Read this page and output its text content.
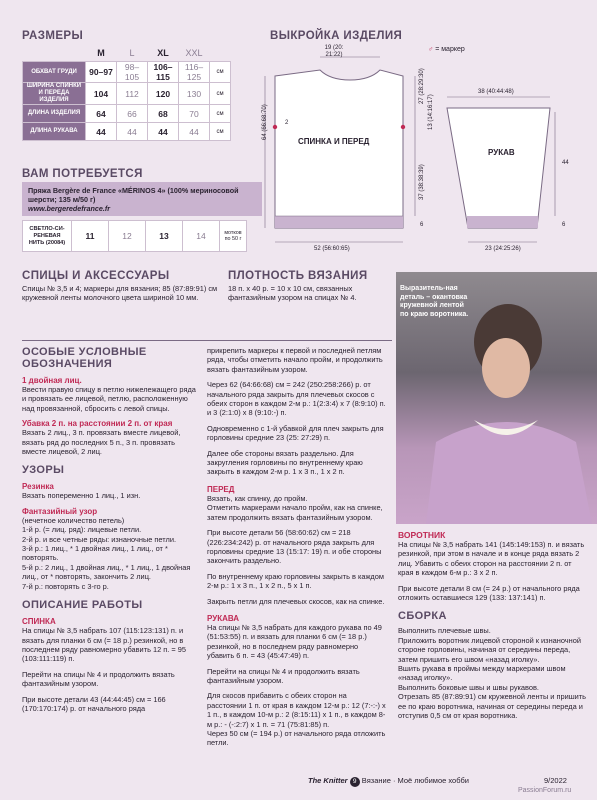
РАЗМЕРЫ
	M	L	XL	XXL	
ОБХВАТ ГРУДИ	90–97	98–105	106–115	116–125	см
ШИРИНА СПИНКИ И ПЕРЕДА ИЗДЕЛИЯ	104	112	120	130	см
ДЛИНА ИЗДЕЛИЯ	64	66	68	70	см
ДЛИНА РУКАВА	44	44	44	44	см
ВЫКРОЙКА ИЗДЕЛИЯ
♂ = маркер
19 (20: 21:22)
64 (66:68:70)
27 (28:29:30)
37 (38:38:39)
6
2
52 (56:60:65)
СПИНКА И ПЕРЕД
РУКАВ
38 (40:44:48)
13 (14:16:17)
44
6
23 (24:25:26)
ВАМ ПОТРЕБУЕТСЯ
Пряжа Bergère de France «MÉRINOS 4» (100% мериносовой шерсти; 135 м/50 г)
www.bergeredefrance.fr
СВЕТЛО-СИ-РЕНЕВАЯ НИТЬ (20084)	11	12	13	14	мотков по 50 г
СПИЦЫ И АКСЕССУАРЫ
Спицы № 3,5 и 4; маркеры для вязания; 85 (87:89:91) см кружевной ленты молочного цвета шириной 10 мм.
ПЛОТНОСТЬ ВЯЗАНИЯ
18 п. х 40 р. = 10 х 10 см, связанных фантазийным узором на спицах № 4.
Выразитель-ная деталь – окантовка кружевной лентой по краю воротника.
ОСОБЫЕ УСЛОВНЫЕ ОБОЗНАЧЕНИЯ
1 двойная лиц.
Ввести правую спицу в петлю нижележащего ряда и провязать ее лицевой, петлю, расположенную над провязанной, сбросить с левой спицы.
Убавка 2 п. на расстоянии 2 п. от края
Вязать 2 лиц., 3 п. провязать вместе лицевой, вязать ряд до последних 5 п., 3 п. провязать вместе лицевой, 2 лиц.
УЗОРЫ
Резинка
Вязать попеременно 1 лиц., 1 изн.
Фантазийный узор
(нечетное количество петель)
1-й р. (= лиц. ряд): лицевые петли.
2-й р. и все четные ряды: изнаночные петли.
3-й р.: 1 лиц., * 1 двойная лиц., 1 лиц., от * повторять.
5-й р.: 2 лиц., 1 двойная лиц., * 1 лиц., 1 двойная лиц., от * повторять, закончить 2 лиц.
7-й р.: повторять с 3-го р.
ОПИСАНИЕ РАБОТЫ
СПИНКА
На спицы № 3,5 набрать 107 (115:123:131) п. и вязать для планки 6 см (= 18 р.) резинкой, но в последнем ряду равномерно убавить 12 п. = 95 (103:111:119) п.
Перейти на спицы № 4 и продолжить вязать фантазийным узором.
При высоте детали 43 (44:44:45) см = 166 (170:170:174) р. от начального ряда
прикрепить маркеры к первой и последней петлям ряда, чтобы отметить начало пройм, и продолжить вязать фантазийным узором.
Через 62 (64:66:68) см = 242 (250:258:266) р. от начального ряда закрыть для плечевых скосов с обеих сторон в каждом 2-м р.: 1(2:3:4) х 7 (8:9:10) п. и 3 (2:1:0) х 8 (9:10:-) п.
Одновременно с 1-й убавкой для плеч закрыть для горловины средние 23 (25: 27:29) п.
Далее обе стороны вязать раздельно. Для закругления горловины по внутреннему краю закрыть в каждом 2-м р. 1 х 3 п., 1 х 2 п.
ПЕРЕД
Вязать, как спинку, до пройм.
Отметить маркерами начало пройм, как на спинке, затем продолжить вязать фантазийным узором.
При высоте детали 56 (58:60:62) см = 218 (226:234:242) р. от начального ряда закрыть для горловины средние 13 (15:17: 19) п. и обе стороны закончить раздельно.
По внутреннему краю горловины закрыть в каждом 2-м р.: 1 х 3 п., 1 х 2 п., 5 х 1 п.
Закрыть петли для плечевых скосов, как на спинке.
РУКАВА
На спицы № 3,5 набрать для каждого рукава по 49 (51:53:55) п. и вязать для планки 6 см (= 18 р.) резинкой, но в последнем ряду равномерно убавить 6 п. = 43 (45:47:49) п.
Перейти на спицы № 4 и продолжить вязать фантазийным узором.
Для скосов прибавить с обеих сторон на расстоянии 1 п. от края в каждом 12-м р.: 12 (7:-:-) х 1 п., в каждом 10-м р.: 2 (8:15:11) х 1 п., в каждом 8-м р.: - (-:2:7) х 1 п. = 71 (75:81:85) п.
Через 50 см (= 194 р.) от начального ряда отложить петли.
ВОРОТНИК
На спицы № 3,5 набрать 141 (145:149:153) п. и вязать резинкой, при этом в начале и в конце ряда вязать 2 лиц. Убавить с обеих сторон на расстоянии 2 п. от края в каждом 6-м р.: 3 х 2 п.
При высоте детали 8 см (= 24 р.) от начального ряда отложить оставшиеся 129 (133: 137:141) п.
СБОРКА
Выполнить плечевые швы.
Приложить воротник лицевой стороной к изнаночной стороне горловины, начиная от середины переда, затем пришить его швом «назад иголку».
Вшить рукава в проймы между маркерами швом «назад иголку».
Выполнить боковые швы и швы рукавов.
Отрезать 85 (87:89:91) см кружевной ленты и пришить ее по краю воротника, начиная от середины переда и отступив 0,5 см от края воротника.
The Knitter 9 Вязание · Моё любимое хобби	9/2022
PassionForum.ru
